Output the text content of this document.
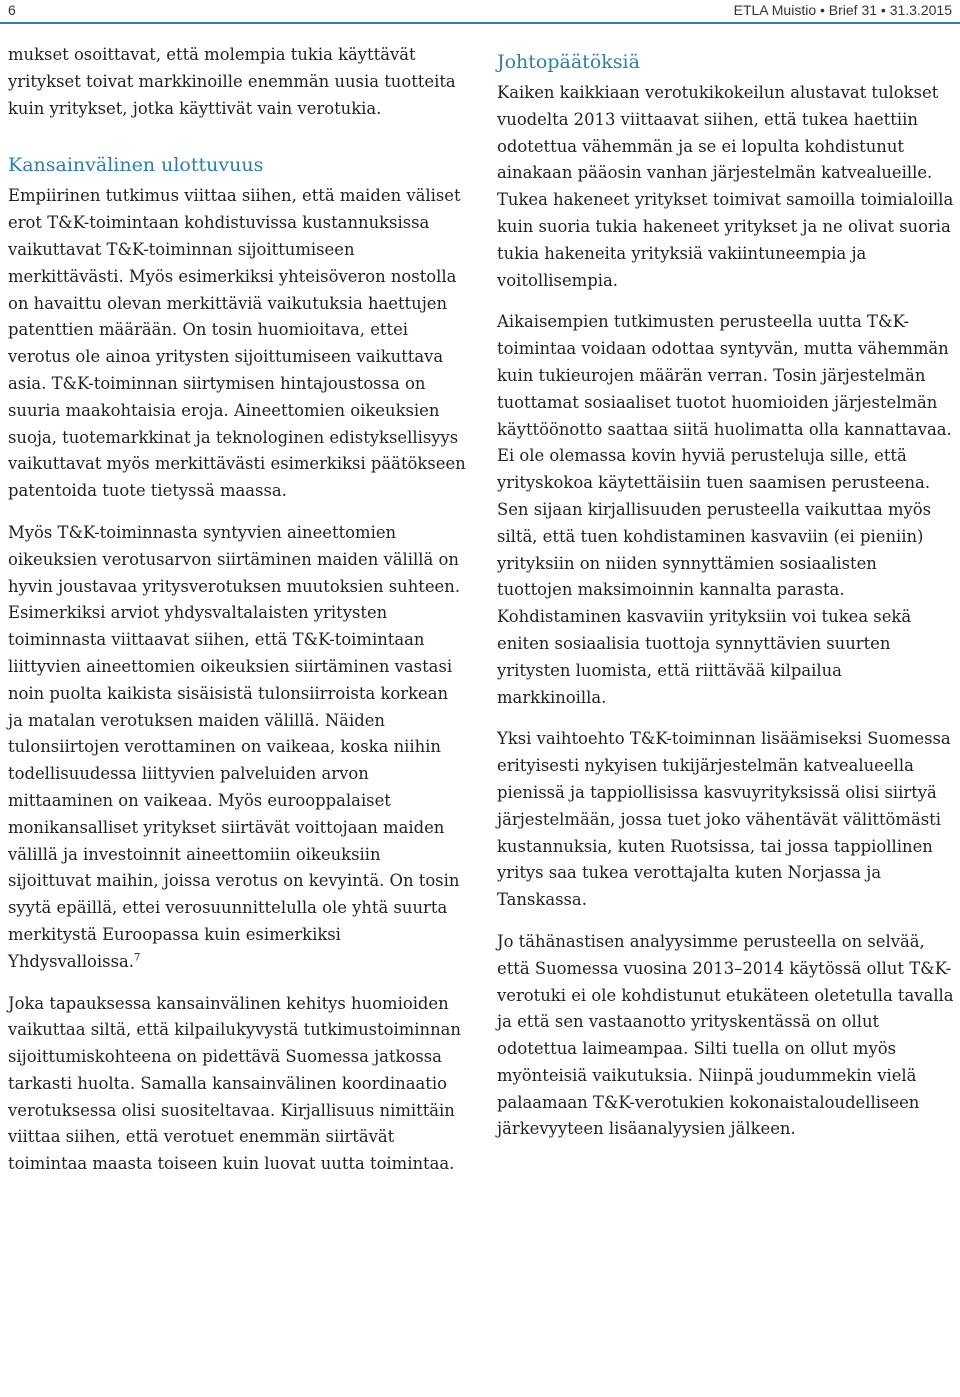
6	ETLA Muistio • Brief 31 • 31.3.2015

mukset osoittavat, että molempia tukia käyttävät yritykset toivat markkinoille enemmän uusia tuotteita kuin yritykset, jotka käyttivät vain verotukia.

Kansainvälinen ulottuvuus

Empiirinen tutkimus viittaa siihen, että maiden väliset erot T&K-toimintaan kohdistuvissa kustannuksissa vaikuttavat T&K-toiminnan sijoittumiseen merkittävästi. Myös esimerkiksi yhteisöveron nostolla on havaittu olevan merkittäviä vaikutuksia haettujen patenttien määrään. On tosin huomioitava, ettei verotus ole ainoa yritysten sijoittumiseen vaikuttava asia. T&K-toiminnan siirtymisen hintajoustossa on suuria maakohtaisia eroja. Aineettomien oikeuksien suoja, tuotemarkkinat ja teknologinen edistyksellisyys vaikuttavat myös merkittävästi esimerkiksi päätökseen patentoida tuote tietyssä maassa.

Myös T&K-toiminnasta syntyvien aineettomien oikeuksien verotusarvon siirtäminen maiden välillä on hyvin joustavaa yritysverotuksen muutoksien suhteen. Esimerkiksi arviot yhdysvaltalaisten yritysten toiminnasta viittaavat siihen, että T&K-toimintaan liittyvien aineettomien oikeuksien siirtäminen vastasi noin puolta kaikista sisäisistä tulonsiirroista korkean ja matalan verotuksen maiden välillä. Näiden tulonsiirtojen verottaminen on vaikeaa, koska niihin todellisuudessa liittyvien palveluiden arvon mittaaminen on vaikeaa. Myös eurooppalaiset monikansalliset yritykset siirtävät voittojaan maiden välillä ja investoinnit aineettomiin oikeuksiin sijoittuvat maihin, joissa verotus on kevyintä. On tosin syytä epäillä, ettei verosuunnittelulla ole yhtä suurta merkitystä Euroopassa kuin esimerkiksi Yhdysvalloissa.$^7$

Joka tapauksessa kansainvälinen kehitys huomioiden vaikuttaa siltä, että kilpailukyvystä tutkimustoiminnan sijoittumiskohteena on pidettävä Suomessa jatkossa tarkasti huolta. Samalla kansainvälinen koordinaatio verotuksessa olisi suositeltavaa. Kirjallisuus nimittäin viittaa siihen, että verotuet enemmän siirtävät toimintaa maasta toiseen kuin luovat uutta toimintaa.

Johtopäätöksiä

Kaiken kaikkiaan verotukikokeilun alustavat tulokset vuodelta 2013 viittaavat siihen, että tukea haettiin odotettua vähemmän ja se ei lopulta kohdistunut ainakaan pääosin vanhan järjestelmän katvealueille. Tukea hakeneet yritykset toimivat samoilla toimialoilla kuin suoria tukia hakeneet yritykset ja ne olivat suoria tukia hakeneita yrityksiä vakiintuneempia ja voitollisempia.

Aikaisempien tutkimusten perusteella uutta T&K-toimintaa voidaan odottaa syntyvän, mutta vähemmän kuin tukieurojen määrän verran. Tosin järjestelmän tuottamat sosiaaliset tuotot huomioiden järjestelmän käyttöönotto saattaa siitä huolimatta olla kannattavaa. Ei ole olemassa kovin hyviä perusteluja sille, että yrityskokoa käytettäisiin tuen saamisen perusteena. Sen sijaan kirjallisuuden perusteella vaikuttaa myös siltä, että tuen kohdistaminen kasvaviin (ei pieniin) yrityksiin on niiden synnyttämien sosiaalisten tuottojen maksimoinnin kannalta parasta. Kohdistaminen kasvaviin yrityksiin voi tukea sekä eniten sosiaalisia tuottoja synnyttävien suurten yritysten luomista, että riittävää kilpailua markkinoilla.

Yksi vaihtoehto T&K-toiminnan lisäämiseksi Suomessa erityisesti nykyisen tukijärjestelmän katvealueella pienissä ja tappiollisissa kasvuyrityksissä olisi siirtyä järjestelmään, jossa tuet joko vähentävät välittömästi kustannuksia, kuten Ruotsissa, tai jossa tappiollinen yritys saa tukea verottajalta kuten Norjassa ja Tanskassa.

Jo tähänastisen analyysimme perusteella on selvää, että Suomessa vuosina 2013–2014 käytössä ollut T&K-verotuki ei ole kohdistunut etukäteen oletetulla tavalla ja että sen vastaanotto yrityskentässä on ollut odotettua laimeampaa. Silti tuella on ollut myös myönteisiä vaikutuksia. Niinpä joudummekin vielä palaamaan T&K-verotukien kokonaistaloudelliseen järkevyyteen lisäanalyysien jälkeen.
